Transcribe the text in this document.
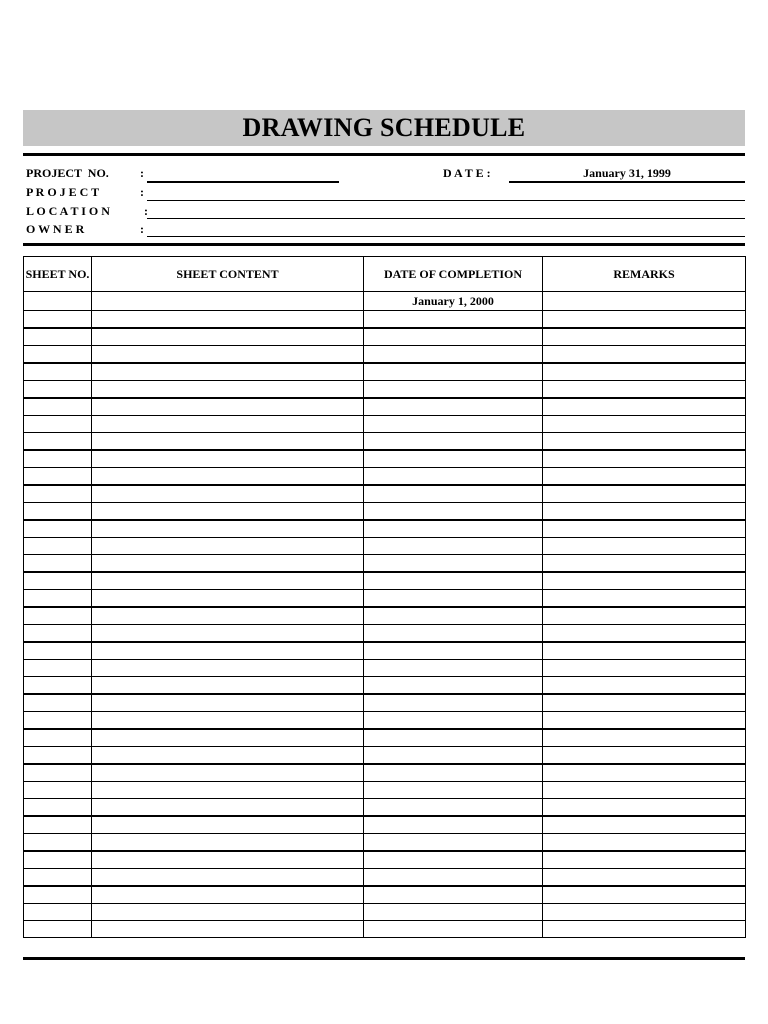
DRAWING SCHEDULE
PROJECT  NO.	:	D A T E :	January 31, 1999
P R O J E C T	:
L O C A T I O N	:
O W N E R	:
SHEET NO.	SHEET CONTENT	DATE OF COMPLETION	REMARKS
		January 1, 2000	
